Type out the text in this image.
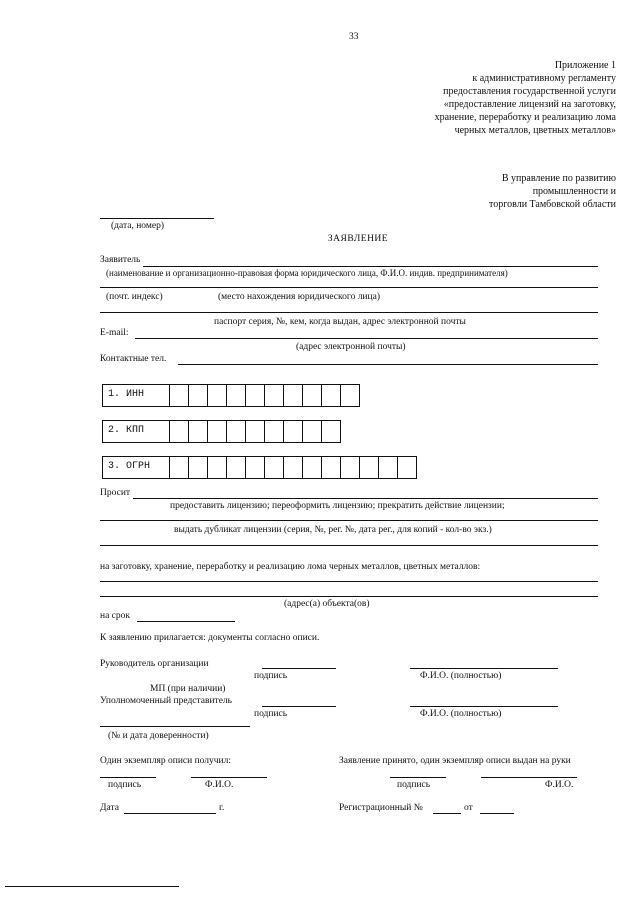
33
Приложение 1
к административному регламенту
предоставления государственной услуги
«предоставление лицензий на заготовку,
хранение, переработку и реализацию лома
черных металлов, цветных металлов»
В управление по развитию
промышленности и
торговли Тамбовской области
(дата, номер)
ЗАЯВЛЕНИЕ
Заявитель
(наименование и организационно-правовая форма юридического лица, Ф.И.О. индив. предпринимателя)
(почт. индекс)	(место нахождения юридического лица)
паспорт серия, №, кем, когда выдан, адрес электронной почты
E-mail:
(адрес электронной почты)
Контактные тел.
1. ИНН
2. КПП
3. ОГРН
Просит
предоставить лицензию; переоформить лицензию; прекратить действие лицензии;
выдать дубликат лицензии (серия, №, рег. №, дата рег., для копий - кол-во экз.)
на заготовку, хранение, переработку и реализацию лома черных металлов, цветных металлов:
(адрес(а) объекта(ов)
на срок
К заявлению прилагается: документы согласно описи.
Руководитель организации
подпись	Ф.И.О. (полностью)
МП (при наличии)
Уполномоченный представитель
подпись	Ф.И.О. (полностью)
(№ и дата доверенности)
Один экземпляр описи получил:	Заявление принято, один экземпляр описи выдан на руки
подпись	Ф.И.О.	подпись	Ф.И.О.
Дата	г.	Регистрационный №	от
